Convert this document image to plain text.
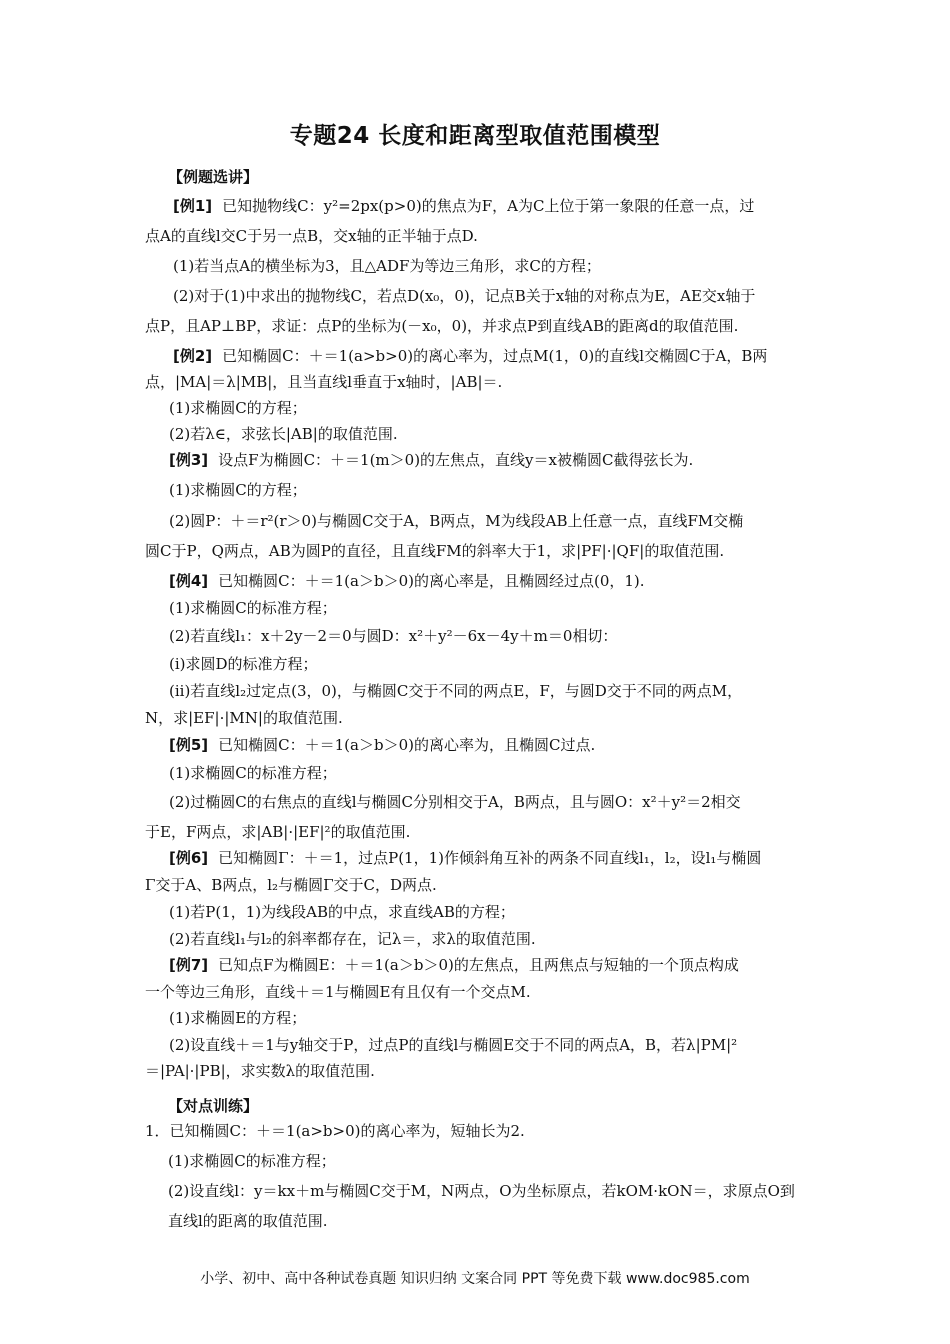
专题24 长度和距离型取值范围模型
【例题选讲】
[例1] 已知抛物线C：y²=2px(p>0)的焦点为F，A为C上位于第一象限的任意一点，过
点A的直线l交C于另一点B，交x轴的正半轴于点D.
(1)若当点A的横坐标为3，且△ADF为等边三角形，求C的方程；
(2)对于(1)中求出的抛物线C，若点D(x₀，0)，记点B关于x轴的对称点为E，AE交x轴于
点P，且AP⊥BP，求证：点P的坐标为(－x₀，0)，并求点P到直线AB的距离d的取值范围.
[例2] 已知椭圆C：＋＝1(a>b>0)的离心率为，过点M(1，0)的直线l交椭圆C于A，B两
点，|MA|＝λ|MB|，且当直线l垂直于x轴时，|AB|＝.
(1)求椭圆C的方程；
(2)若λ∈，求弦长|AB|的取值范围.
[例3] 设点F为椭圆C：＋＝1(m＞0)的左焦点，直线y＝x被椭圆C截得弦长为.
(1)求椭圆C的方程；
(2)圆P：＋＝r²(r＞0)与椭圆C交于A，B两点，M为线段AB上任意一点，直线FM交椭
圆C于P，Q两点，AB为圆P的直径，且直线FM的斜率大于1，求|PF|·|QF|的取值范围.
[例4] 已知椭圆C：＋＝1(a＞b＞0)的离心率是，且椭圆经过点(0，1).
(1)求椭圆C的标准方程；
(2)若直线l₁：x＋2y－2＝0与圆D：x²＋y²－6x－4y＋m＝0相切：
(i)求圆D的标准方程；
(ii)若直线l₂过定点(3，0)，与椭圆C交于不同的两点E，F，与圆D交于不同的两点M，
N，求|EF|·|MN|的取值范围.
[例5] 已知椭圆C：＋＝1(a＞b＞0)的离心率为，且椭圆C过点.
(1)求椭圆C的标准方程；
(2)过椭圆C的右焦点的直线l与椭圆C分别相交于A，B两点，且与圆O：x²＋y²＝2相交
于E，F两点，求|AB|·|EF|²的取值范围.
[例6] 已知椭圆Γ：＋＝1，过点P(1，1)作倾斜角互补的两条不同直线l₁，l₂，设l₁与椭圆
Γ交于A、B两点，l₂与椭圆Γ交于C，D两点.
(1)若P(1，1)为线段AB的中点，求直线AB的方程；
(2)若直线l₁与l₂的斜率都存在，记λ＝，求λ的取值范围.
[例7] 已知点F为椭圆E：＋＝1(a＞b＞0)的左焦点，且两焦点与短轴的一个顶点构成
一个等边三角形，直线＋＝1与椭圆E有且仅有一个交点M.
(1)求椭圆E的方程；
(2)设直线＋＝1与y轴交于P，过点P的直线l与椭圆E交于不同的两点A，B，若λ|PM|²
＝|PA|·|PB|，求实数λ的取值范围.
【对点训练】
1．已知椭圆C：＋＝1(a>b>0)的离心率为，短轴长为2.
(1)求椭圆C的标准方程；
(2)设直线l：y＝kx＋m与椭圆C交于M，N两点，O为坐标原点，若kOM·kON＝，求原点O到
直线l的距离的取值范围.
小学、初中、高中各种试卷真题 知识归纳 文案合同 PPT 等免费下载 www.doc985.com
